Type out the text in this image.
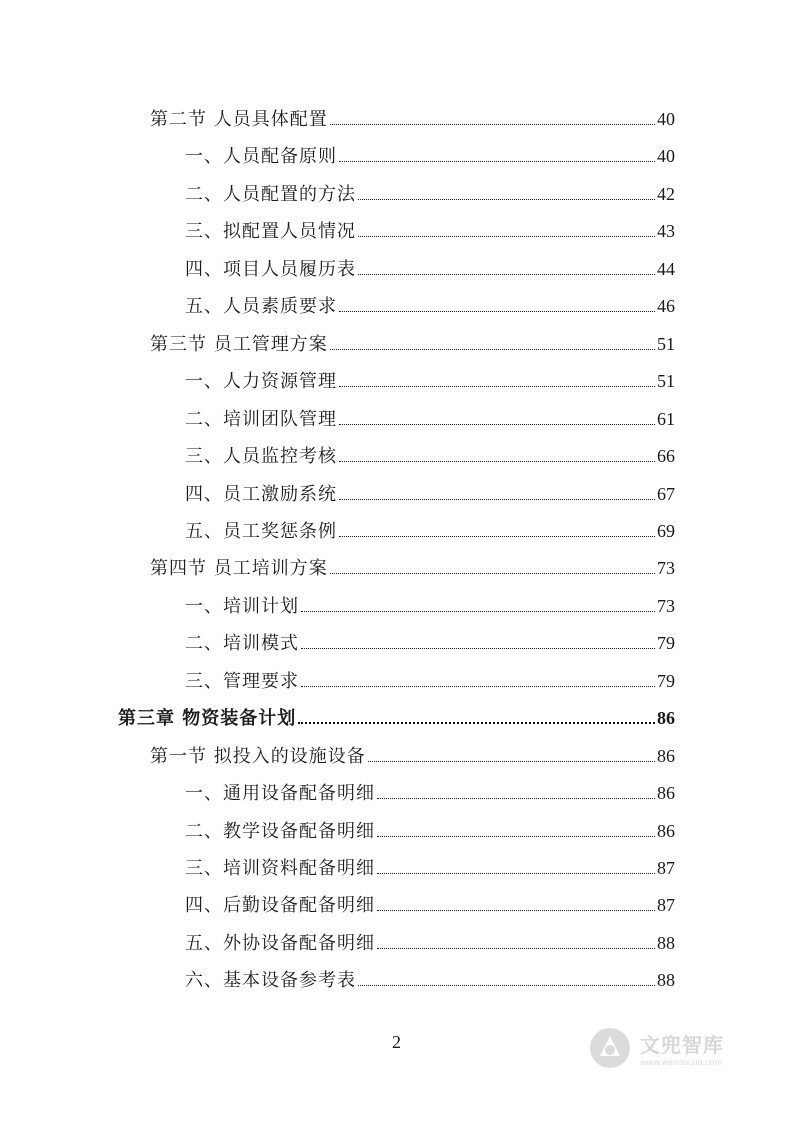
第二节 人员具体配置	40
一、人员配备原则	40
二、人员配置的方法	42
三、拟配置人员情况	43
四、项目人员履历表	44
五、人员素质要求	46
第三节 员工管理方案	51
一、人力资源管理	51
二、培训团队管理	61
三、人员监控考核	66
四、员工激励系统	67
五、员工奖惩条例	69
第四节 员工培训方案	73
一、培训计划	73
二、培训模式	79
三、管理要求	79
第三章 物资装备计划	86
第一节 拟投入的设施设备	86
一、通用设备配备明细	86
二、教学设备配备明细	86
三、培训资料配备明细	87
四、后勤设备配备明细	87
五、外协设备配备明细	88
六、基本设备参考表	88
2	文兜智库
www.wendoulib.com
